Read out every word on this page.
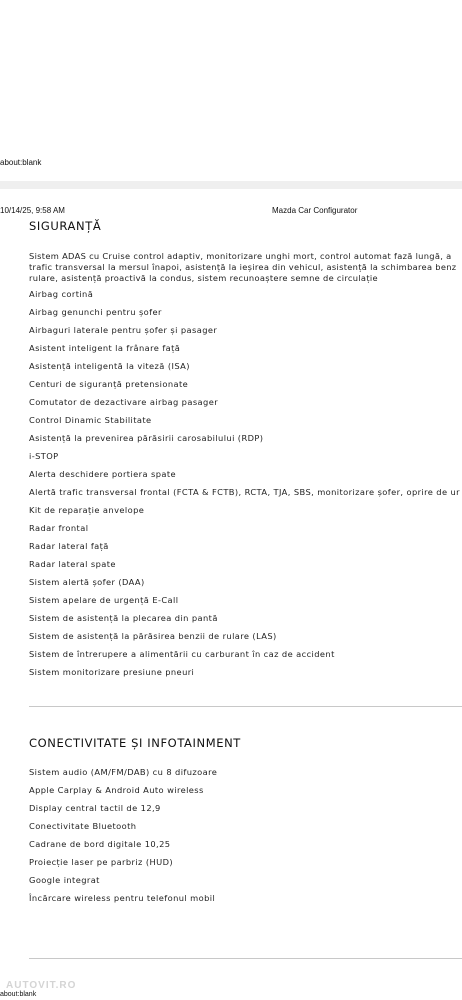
about:blank
10/14/25, 9:58 AM	Mazda Car Configurator
SIGURANȚĂ
Sistem ADAS cu Cruise control adaptiv, monitorizare unghi mort, control automat fază lungă, a
trafic transversal la mersul înapoi, asistență la ieșirea din vehicul, asistență la schimbarea benz
rulare, asistență proactivă la condus, sistem recunoaștere semne de circulație
Airbag cortină
Airbag genunchi pentru șofer
Airbaguri laterale pentru șofer și pasager
Asistent inteligent la frânare față
Asistență inteligentă la viteză (ISA)
Centuri de siguranță pretensionate
Comutator de dezactivare airbag pasager
Control Dinamic Stabilitate
Asistență la prevenirea părăsirii carosabilului (RDP)
i-STOP
Alerta deschidere portiera spate
Alertă trafic transversal frontal (FCTA & FCTB), RCTA, TJA, SBS, monitorizare șofer, oprire de ur
Kit de reparație anvelope
Radar frontal
Radar lateral față
Radar lateral spate
Sistem alertă șofer (DAA)
Sistem apelare de urgență E-Call
Sistem de asistență la plecarea din pantă
Sistem de asistență la părăsirea benzii de rulare (LAS)
Sistem de întrerupere a alimentării cu carburant în caz de accident
Sistem monitorizare presiune pneuri
CONECTIVITATE ȘI INFOTAINMENT
Sistem audio (AM/FM/DAB) cu 8 difuzoare
Apple Carplay & Android Auto wireless
Display central tactil de 12,9
Conectivitate Bluetooth
Cadrane de bord digitale 10,25
Proiecție laser pe parbriz (HUD)
Google integrat
Încărcare wireless pentru telefonul mobil
AUTOVIT.RO
about:blank
